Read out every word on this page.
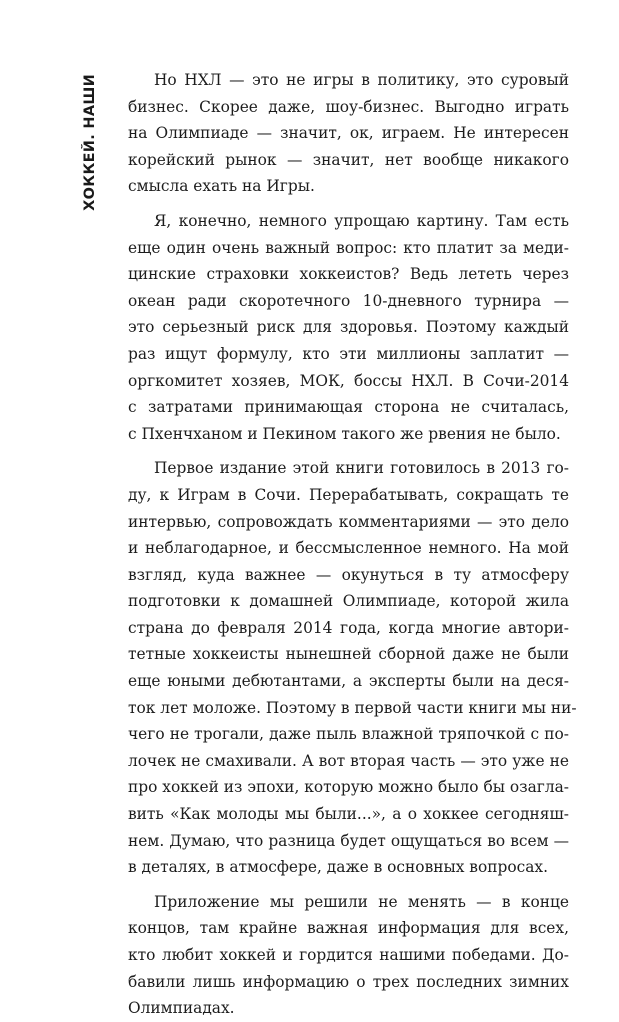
ХОККЕЙ. НАШИ	Но НХЛ — это не игры в политику, это суровый
бизнес. Скорее даже, шоу-бизнес. Выгодно играть
на Олимпиаде — значит, ок, играем. Не интересен
корейский рынок — значит, нет вообще никакого
смысла ехать на Игры.

Я, конечно, немного упрощаю картину. Там есть
еще один очень важный вопрос: кто платит за меди-
цинские страховки хоккеистов? Ведь лететь через
океан ради скоротечного 10-дневного турнира —
это серьезный риск для здоровья. Поэтому каждый
раз ищут формулу, кто эти миллионы заплатит —
оргкомитет хозяев, МОК, боссы НХЛ. В Сочи-2014
с затратами принимающая сторона не считалась,
с Пхенчханом и Пекином такого же рвения не было.

Первое издание этой книги готовилось в 2013 го-
ду, к Играм в Сочи. Перерабатывать, сокращать те
интервью, сопровождать комментариями — это дело
и неблагодарное, и бессмысленное немного. На мой
взгляд, куда важнее — окунуться в ту атмосферу
подготовки к домашней Олимпиаде, которой жила
страна до февраля 2014 года, когда многие автори-
тетные хоккеисты нынешней сборной даже не были
еще юными дебютантами, а эксперты были на деся-
ток лет моложе. Поэтому в первой части книги мы ни-
чего не трогали, даже пыль влажной тряпочкой с по-
лочек не смахивали. А вот вторая часть — это уже не
про хоккей из эпохи, которую можно было бы озагла-
вить «Как молоды мы были...», а о хоккее сегодняш-
нем. Думаю, что разница будет ощущаться во всем —
в деталях, в атмосфере, даже в основных вопросах.

Приложение мы решили не менять — в конце
концов, там крайне важная информация для всех,
кто любит хоккей и гордится нашими победами. До-
бавили лишь информацию о трех последних зимних
Олимпиадах.
